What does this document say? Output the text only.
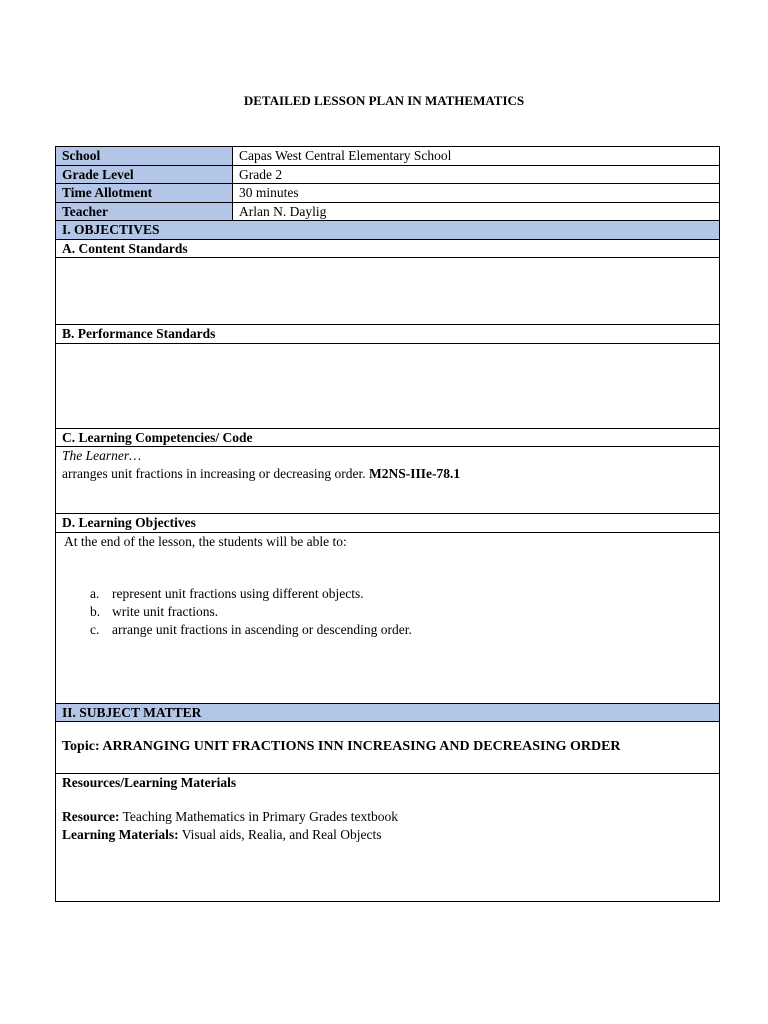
DETAILED LESSON PLAN IN MATHEMATICS
School	Capas West Central Elementary School
Grade Level	Grade 2
Time Allotment	30 minutes
Teacher	Arlan N. Daylig
I. OBJECTIVES
A. Content Standards
B. Performance Standards
C. Learning Competencies/ Code
The Learner…
arranges unit fractions in increasing or decreasing order. M2NS-IIIe-78.1
D. Learning Objectives
At the end of the lesson, the students will be able to:
a. represent unit fractions using different objects.
b. write unit fractions.
c. arrange unit fractions in ascending or descending order.
II. SUBJECT MATTER
Topic: ARRANGING UNIT FRACTIONS INN INCREASING AND DECREASING ORDER
Resources/Learning Materials
Resource: Teaching Mathematics in Primary Grades textbook
Learning Materials: Visual aids, Realia, and Real Objects
